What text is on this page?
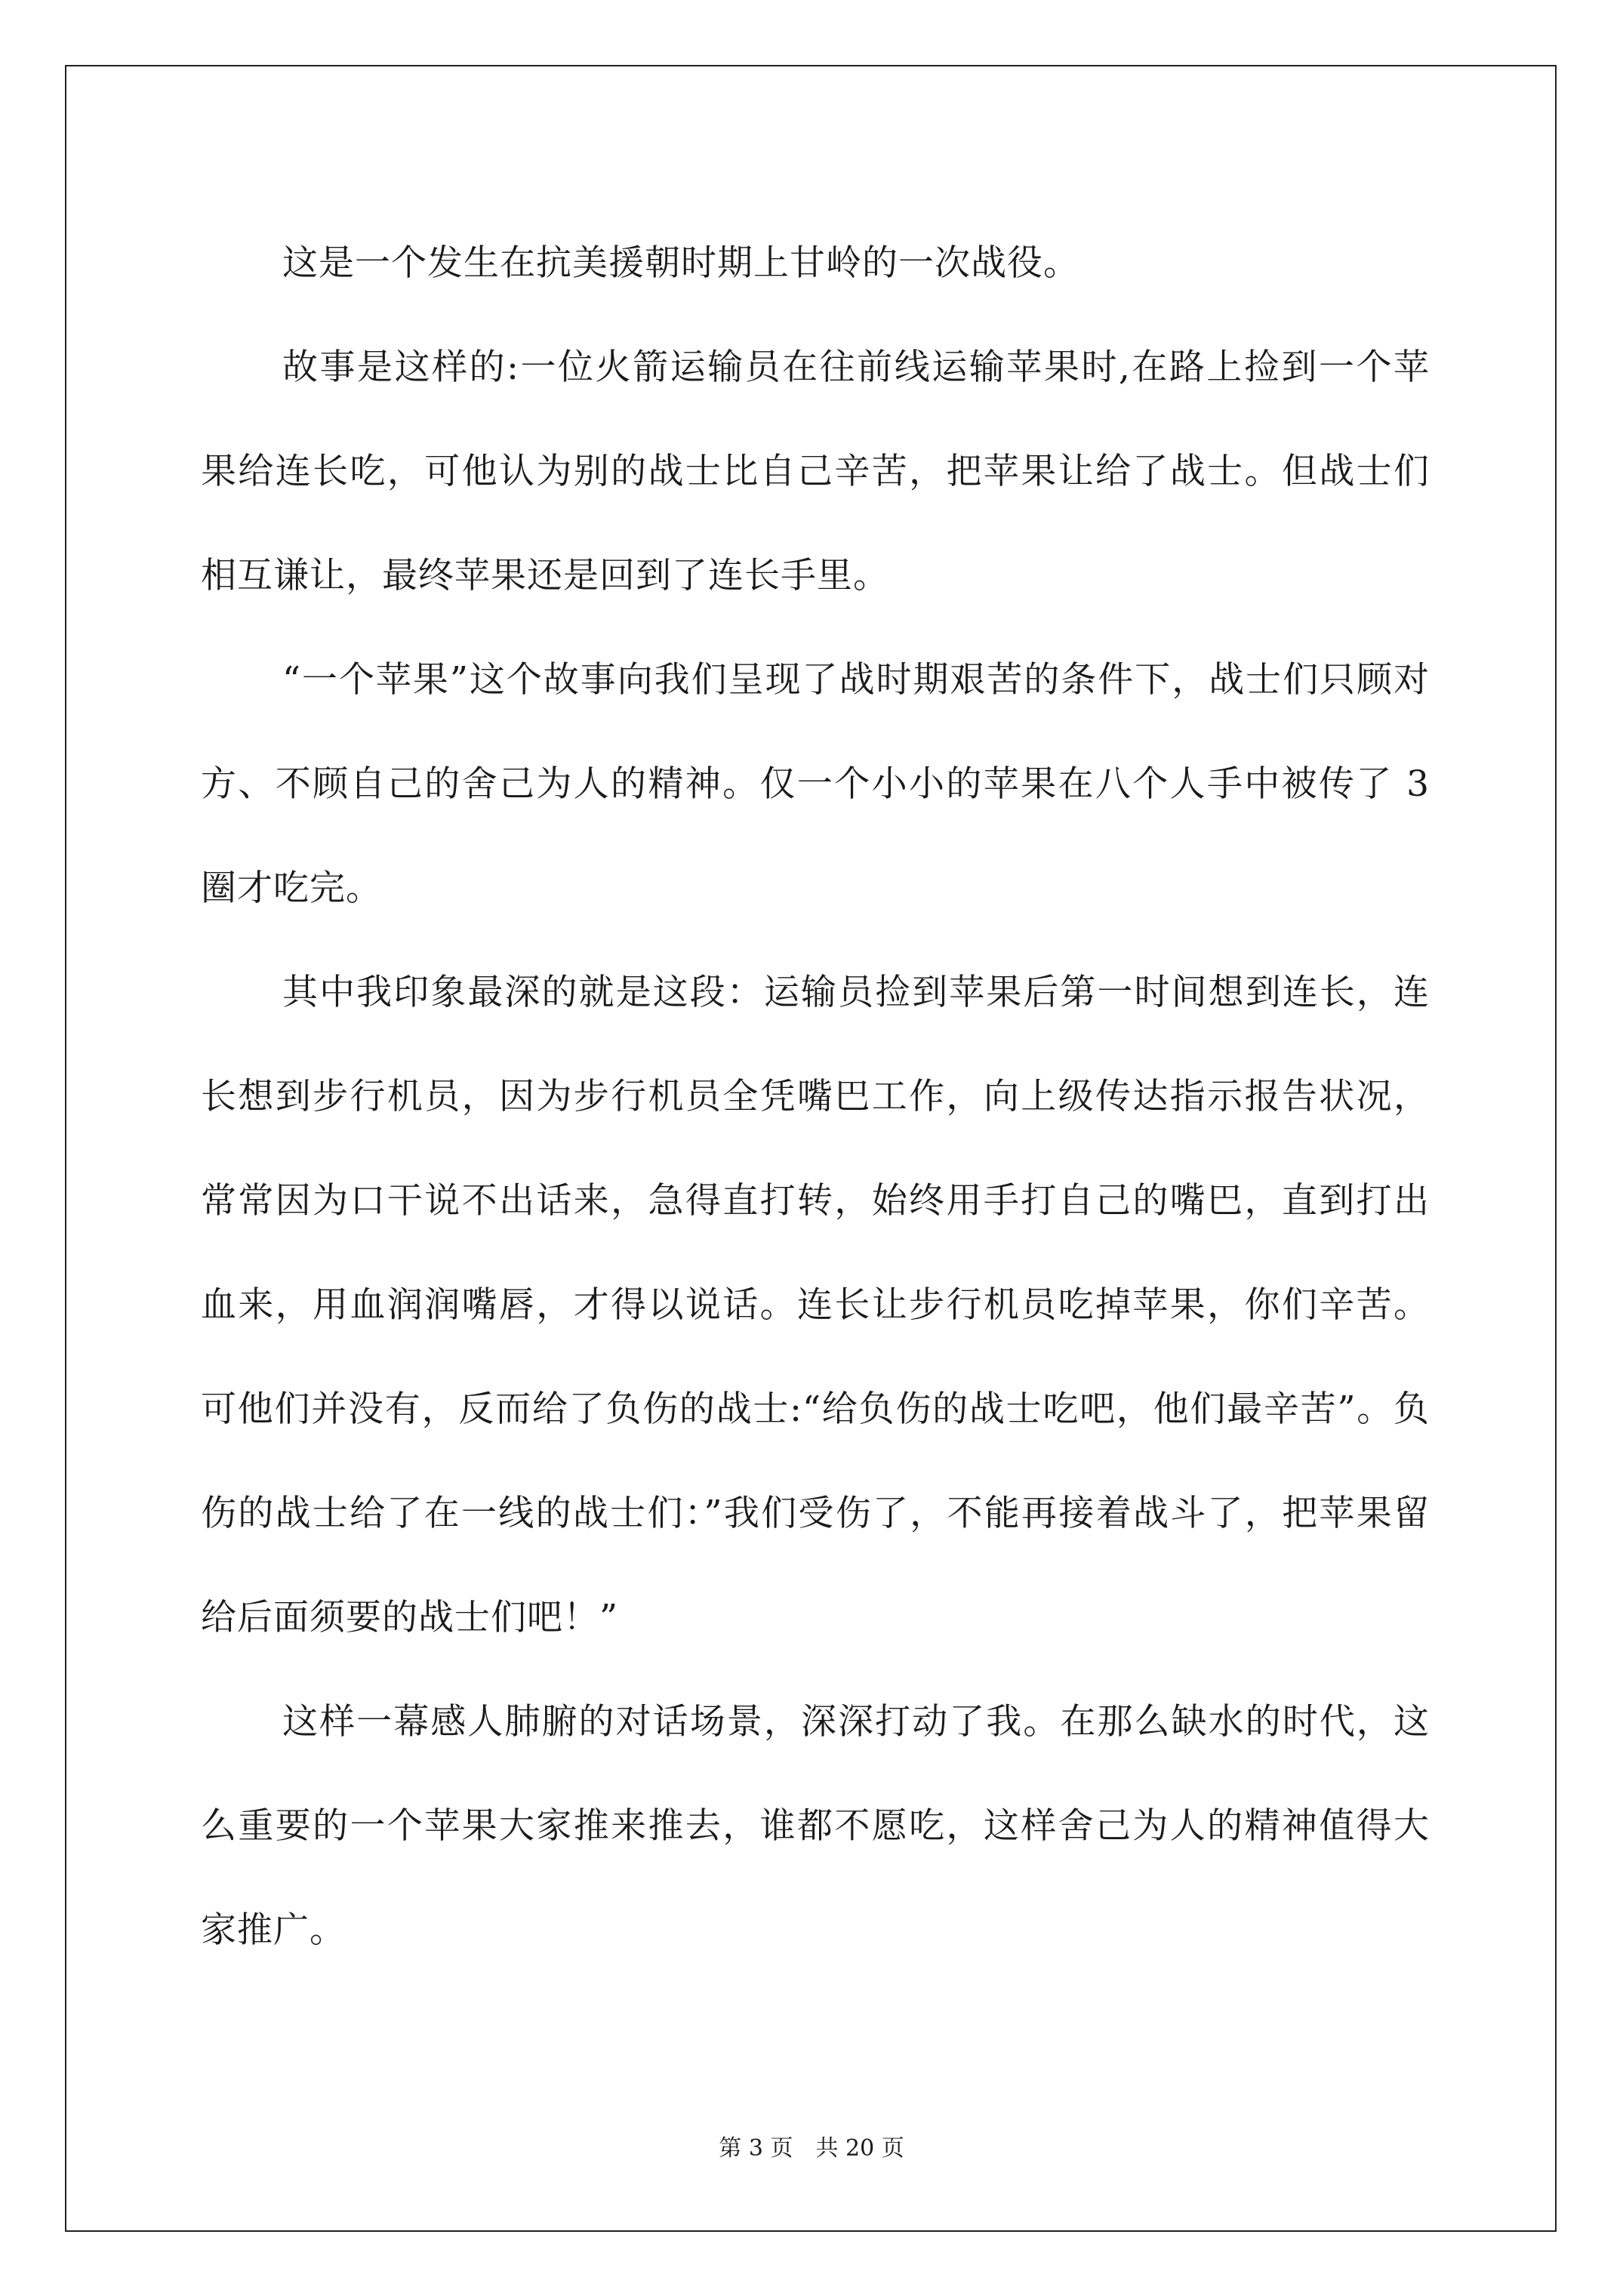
这是一个发生在抗美援朝时期上甘岭的一次战役。

故事是这样的:一位火箭运输员在往前线运输苹果时,在路上捡到一个苹果给连长吃，可他认为别的战士比自己辛苦，把苹果让给了战士。但战士们相互谦让，最终苹果还是回到了连长手里。

“一个苹果”这个故事向我们呈现了战时期艰苦的条件下，战士们只顾对方、不顾自己的舍己为人的精神。仅一个小小的苹果在八个人手中被传了 3 圈才吃完。

其中我印象最深的就是这段：运输员捡到苹果后第一时间想到连长，连长想到步行机员，因为步行机员全凭嘴巴工作，向上级传达指示报告状况，常常因为口干说不出话来，急得直打转，始终用手打自己的嘴巴，直到打出血来，用血润润嘴唇，才得以说话。连长让步行机员吃掉苹果，你们辛苦。可他们并没有，反而给了负伤的战士:“给负伤的战士吃吧，他们最辛苦”。负伤的战士给了在一线的战士们：”我们受伤了，不能再接着战斗了，把苹果留给后面须要的战士们吧！”

这样一幕感人肺腑的对话场景，深深打动了我。在那么缺水的时代，这么重要的一个苹果大家推来推去，谁都不愿吃，这样舍己为人的精神值得大家推广。

第 3 页　共 20 页
